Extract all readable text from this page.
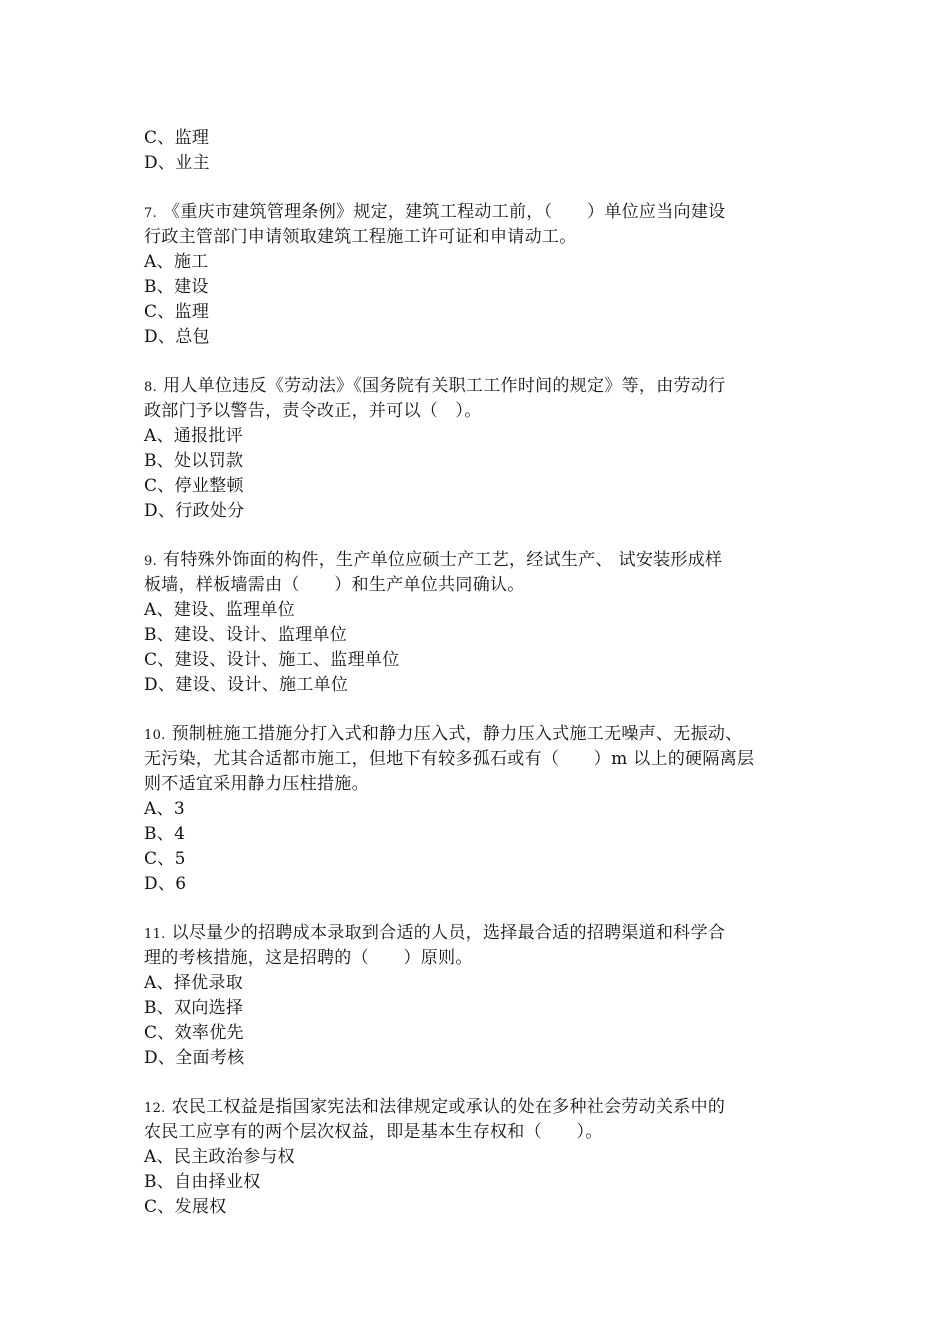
C、监理
D、业主
7. 《重庆市建筑管理条例》规定，建筑工程动工前，（　　）单位应当向建设
行政主管部门申请领取建筑工程施工许可证和申请动工。
A、施工
B、建设
C、监理
D、总包
8. 用人单位违反《劳动法》《国务院有关职工工作时间的规定》等，由劳动行
政部门予以警告，责令改正，并可以（　）。
A、通报批评
B、处以罚款
C、停业整顿
D、行政处分
9. 有特殊外饰面的构件，生产单位应硕士产工艺，经试生产、 试安装形成样
板墙，样板墙需由（　　）和生产单位共同确认。
A、建设、监理单位
B、建设、设计、监理单位
C、建设、设计、施工、监理单位
D、建设、设计、施工单位
10. 预制桩施工措施分打入式和静力压入式，静力压入式施工无噪声、无振动、
无污染，尤其合适都市施工，但地下有较多孤石或有（　　）m 以上的硬隔离层
则不适宜采用静力压柱措施。
A、3
B、4
C、5
D、6
11. 以尽量少的招聘成本录取到合适的人员，选择最合适的招聘渠道和科学合
理的考核措施，这是招聘的（　　）原则。
A、择优录取
B、双向选择
C、效率优先
D、全面考核
12. 农民工权益是指国家宪法和法律规定或承认的处在多种社会劳动关系中的
农民工应享有的两个层次权益，即是基本生存权和（　　）。
A、民主政治参与权
B、自由择业权
C、发展权
